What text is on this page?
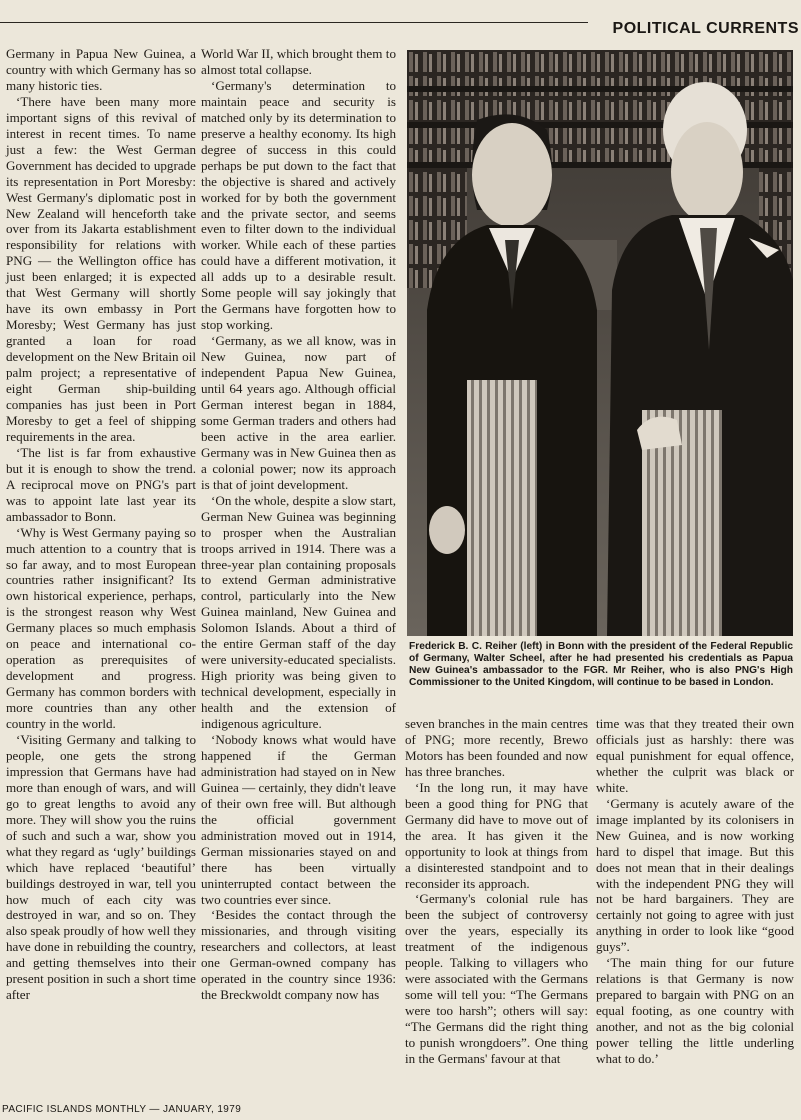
POLITICAL CURRENTS

Germany in Papua New Guinea, a country with which Germany has so many historic ties.

‘There have been many more important signs of this revival of interest in recent times. To name just a few: the West German Government has decided to upgrade its representation in Port Moresby: West Germany's diplomatic post in New Zealand will henceforth take over from its Jakarta establishment responsibility for relations with PNG — the Wellington office has just been enlarged; it is expected that West Germany will shortly have its own embassy in Port Moresby; West Germany has just granted a loan for road development on the New Britain oil palm project; a representative of eight German ship-building companies has just been in Port Moresby to get a feel of shipping requirements in the area.

‘The list is far from exhaustive but it is enough to show the trend. A reciprocal move on PNG's part was to appoint late last year its ambassador to Bonn.

‘Why is West Germany paying so much attention to a country that is so far away, and to most European countries rather insignificant? Its own historical experience, perhaps, is the strongest reason why West Germany places so much emphasis on peace and international co-operation as prerequisites of development and progress. Germany has common borders with more countries than any other country in the world.

‘Visiting Germany and talking to people, one gets the strong impression that Germans have had more than enough of wars, and will go to great lengths to avoid any more. They will show you the ruins of such and such a war, show you what they regard as ‘ugly’ buildings which have replaced ‘beautiful’ buildings destroyed in war, tell you how much of each city was destroyed in war, and so on. They also speak proudly of how well they have done in rebuilding the country, and getting themselves into their present position in such a short time after

World War II, which brought them to almost total collapse.

‘Germany's determination to maintain peace and security is matched only by its determination to preserve a healthy economy. Its high degree of success in this could perhaps be put down to the fact that the objective is shared and actively worked for by both the government and the private sector, and seems even to filter down to the individual worker. While each of these parties could have a different motivation, it all adds up to a desirable result. Some people will say jokingly that the Germans have forgotten how to stop working.

‘Germany, as we all know, was in New Guinea, now part of independent Papua New Guinea, until 64 years ago. Although official German interest began in 1884, some German traders and others had been active in the area earlier. Germany was in New Guinea then as a colonial power; now its approach is that of joint development.

‘On the whole, despite a slow start, German New Guinea was beginning to prosper when the Australian troops arrived in 1914. There was a three-year plan containing proposals to extend German administrative control, particularly into the New Guinea mainland, New Guinea and Solomon Islands. About a third of the entire German staff of the day were university-educated specialists. High priority was being given to technical development, especially in health and the extension of indigenous agriculture.

‘Nobody knows what would have happened if the German administration had stayed on in New Guinea — certainly, they didn't leave of their own free will. But although the official government administration moved out in 1914, German missionaries stayed on and there has been virtually uninterrupted contact between the two countries ever since.

‘Besides the contact through the missionaries, and through visiting researchers and collectors, at least one German-owned company has operated in the country since 1936: the Breckwoldt company now has

Frederick B. C. Reiher (left) in Bonn with the president of the Federal Republic of Germany, Walter Scheel, after he had presented his credentials as Papua New Guinea's ambassador to the FGR. Mr Reiher, who is also PNG's High Commissioner to the United Kingdom, will continue to be based in London.

seven branches in the main centres of PNG; more recently, Brewo Motors has been founded and now has three branches.

‘In the long run, it may have been a good thing for PNG that Germany did have to move out of the area. It has given it the opportunity to look at things from a disinterested standpoint and to reconsider its approach.

‘Germany's colonial rule has been the subject of controversy over the years, especially its treatment of the indigenous people. Talking to villagers who were associated with the Germans some will tell you: “The Germans were too harsh”; others will say: “The Germans did the right thing to punish wrongdoers”. One thing in the Germans' favour at that

time was that they treated their own officials just as harshly: there was equal punishment for equal offence, whether the culprit was black or white.

‘Germany is acutely aware of the image implanted by its colonisers in New Guinea, and is now working hard to dispel that image. But this does not mean that in their dealings with the independent PNG they will not be hard bargainers. They are certainly not going to agree with just anything in order to look like “good guys”.

‘The main thing for our future relations is that Germany is now prepared to bargain with PNG on an equal footing, as one country with another, and not as the big colonial power telling the little underling what to do.’

PACIFIC ISLANDS MONTHLY — JANUARY, 1979
